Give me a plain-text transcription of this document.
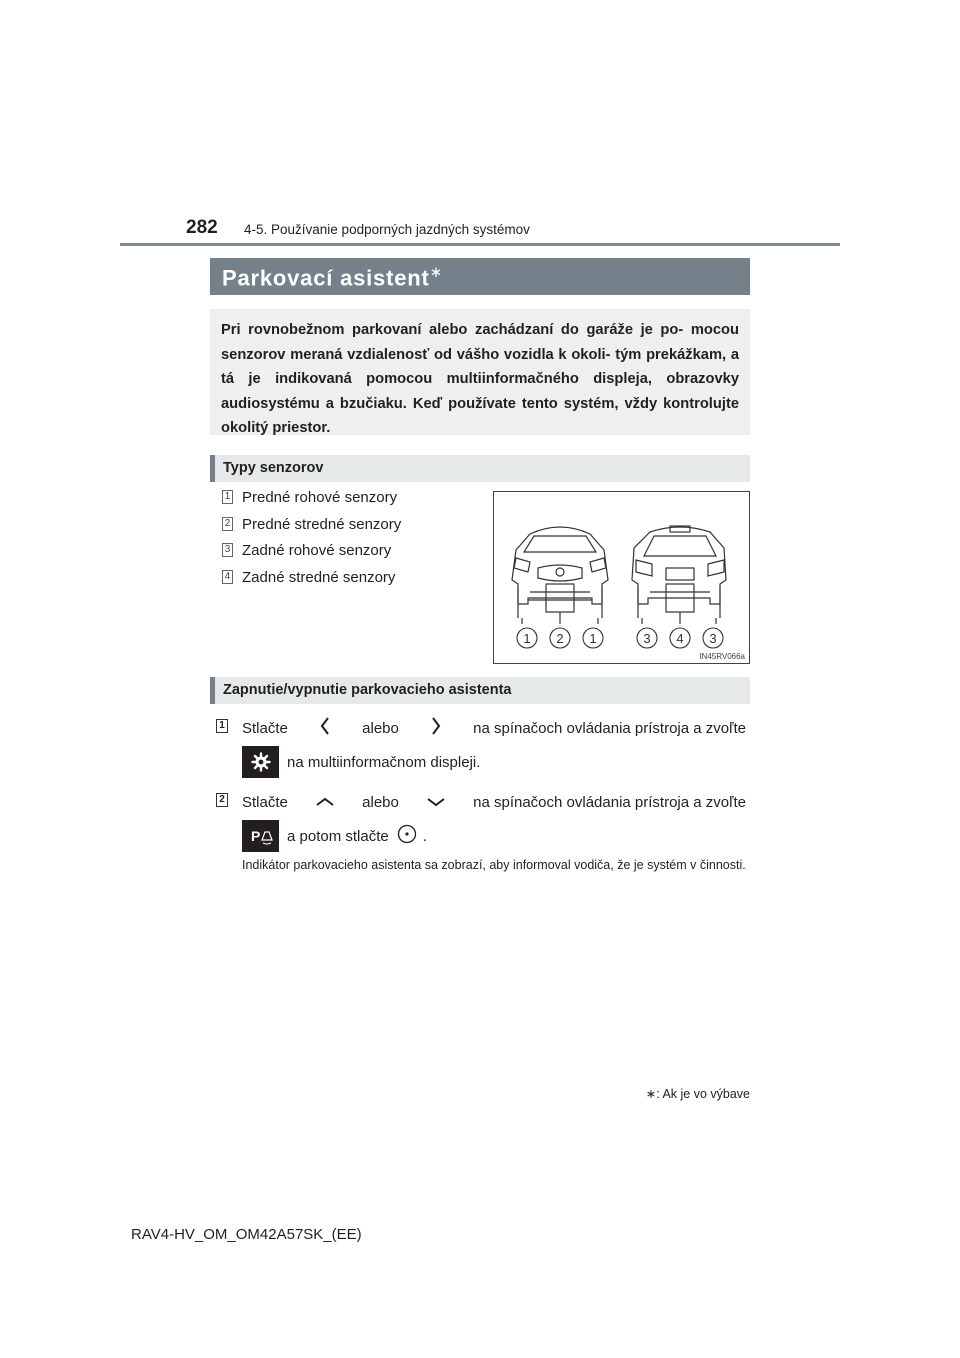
282 4-5. Používanie podporných jazdných systémov
Parkovací asistent∗

Pri rovnobežnom parkovaní alebo zachádzaní do garáže je po- mocou senzorov meraná vzdialenosť od vášho vozidla k okoli- tým prekážkam, a tá je indikovaná pomocou multiinformačného displeja, obrazovky audiosystému a bzučiaku. Keď používate tento systém, vždy kontrolujte okolitý priestor.

Typy senzorov
1 Predné rohové senzory
2 Predné stredné senzory
3 Zadné rohové senzory
4 Zadné stredné senzory
1 2 1	3 4 3
IN45RV066a
Zapnutie/vypnutie parkovacieho asistenta
1 Stlačte	alebo	na spínačoch ovládania prístroja a zvoľte
na multiinformačnom displeji.
2 Stlačte	alebo	na spínačoch ovládania prístroja a zvoľte
P a potom stlačte .

Indikátor parkovacieho asistenta sa zobrazí, aby informoval vodiča, že je systém v činnosti.

∗: Ak je vo výbave
RAV4-HV_OM_OM42A57SK_(EE)
